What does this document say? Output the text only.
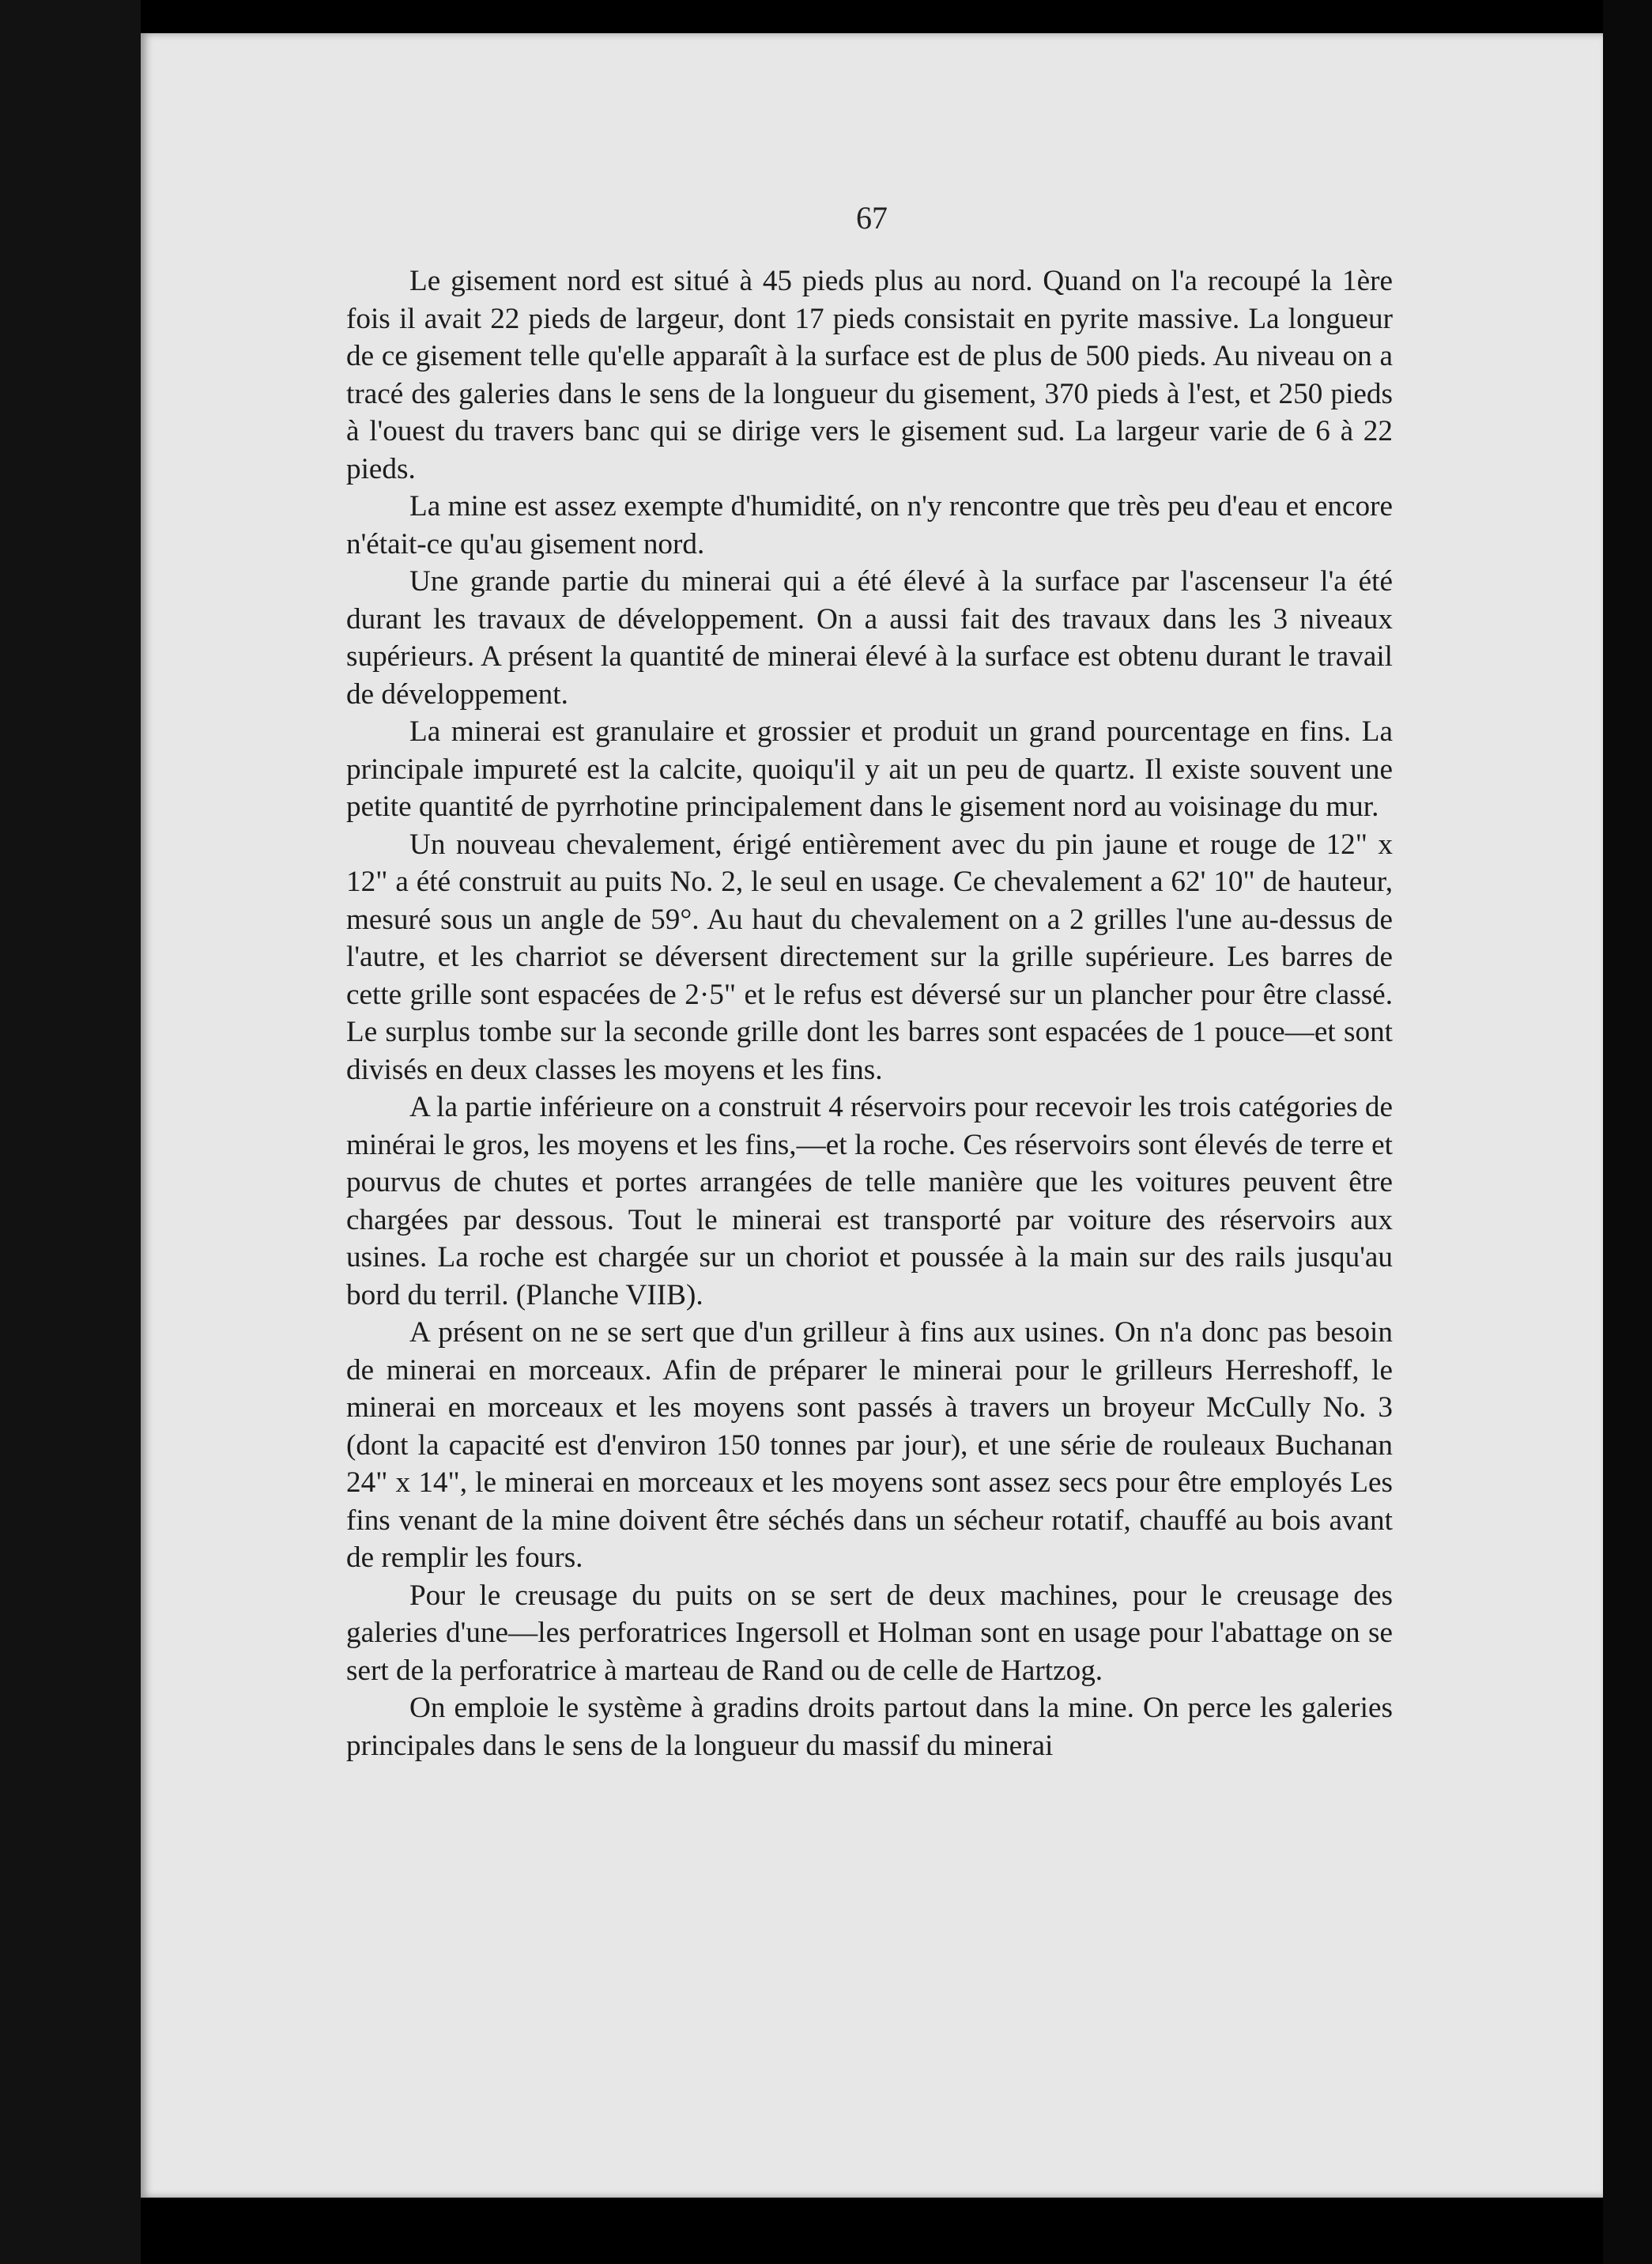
67

Le gisement nord est situé à 45 pieds plus au nord. Quand on l'a recoupé la 1ère fois il avait 22 pieds de largeur, dont 17 pieds consistait en pyrite massive. La longueur de ce gisement telle qu'elle apparaît à la surface est de plus de 500 pieds. Au niveau on a tracé des galeries dans le sens de la longueur du gisement, 370 pieds à l'est, et 250 pieds à l'ouest du travers banc qui se dirige vers le gisement sud. La largeur varie de 6 à 22 pieds.

La mine est assez exempte d'humidité, on n'y rencontre que très peu d'eau et encore n'était-ce qu'au gisement nord.

Une grande partie du minerai qui a été élevé à la surface par l'ascenseur l'a été durant les travaux de développement. On a aussi fait des travaux dans les 3 niveaux supérieurs. A présent la quantité de minerai élevé à la surface est obtenu durant le travail de développement.

La minerai est granulaire et grossier et produit un grand pourcentage en fins. La principale impureté est la calcite, quoiqu'il y ait un peu de quartz. Il existe souvent une petite quantité de pyrrhotine principalement dans le gisement nord au voisinage du mur.

Un nouveau chevalement, érigé entièrement avec du pin jaune et rouge de 12" x 12" a été construit au puits No. 2, le seul en usage. Ce chevalement a 62' 10" de hauteur, mesuré sous un angle de 59°. Au haut du chevalement on a 2 grilles l'une au-dessus de l'autre, et les charriot se déversent directement sur la grille supérieure. Les barres de cette grille sont espacées de 2·5" et le refus est déversé sur un plancher pour être classé. Le surplus tombe sur la seconde grille dont les barres sont espacées de 1 pouce—et sont divisés en deux classes les moyens et les fins.

A la partie inférieure on a construit 4 réservoirs pour recevoir les trois catégories de minérai le gros, les moyens et les fins,—et la roche. Ces réservoirs sont élevés de terre et pourvus de chutes et portes arrangées de telle manière que les voitures peuvent être chargées par dessous. Tout le minerai est transporté par voiture des réservoirs aux usines. La roche est chargée sur un choriot et poussée à la main sur des rails jusqu'au bord du terril. (Planche VIIB).

A présent on ne se sert que d'un grilleur à fins aux usines. On n'a donc pas besoin de minerai en morceaux. Afin de préparer le minerai pour le grilleurs Herreshoff, le minerai en morceaux et les moyens sont passés à travers un broyeur McCully No. 3 (dont la capacité est d'environ 150 tonnes par jour), et une série de rouleaux Buchanan 24" x 14", le minerai en morceaux et les moyens sont assez secs pour être employés Les fins venant de la mine doivent être séchés dans un sécheur rotatif, chauffé au bois avant de remplir les fours.

Pour le creusage du puits on se sert de deux machines, pour le creusage des galeries d'une—les perforatrices Ingersoll et Holman sont en usage pour l'abattage on se sert de la perforatrice à marteau de Rand ou de celle de Hartzog.

On emploie le système à gradins droits partout dans la mine. On perce les galeries principales dans le sens de la longueur du massif du minerai
